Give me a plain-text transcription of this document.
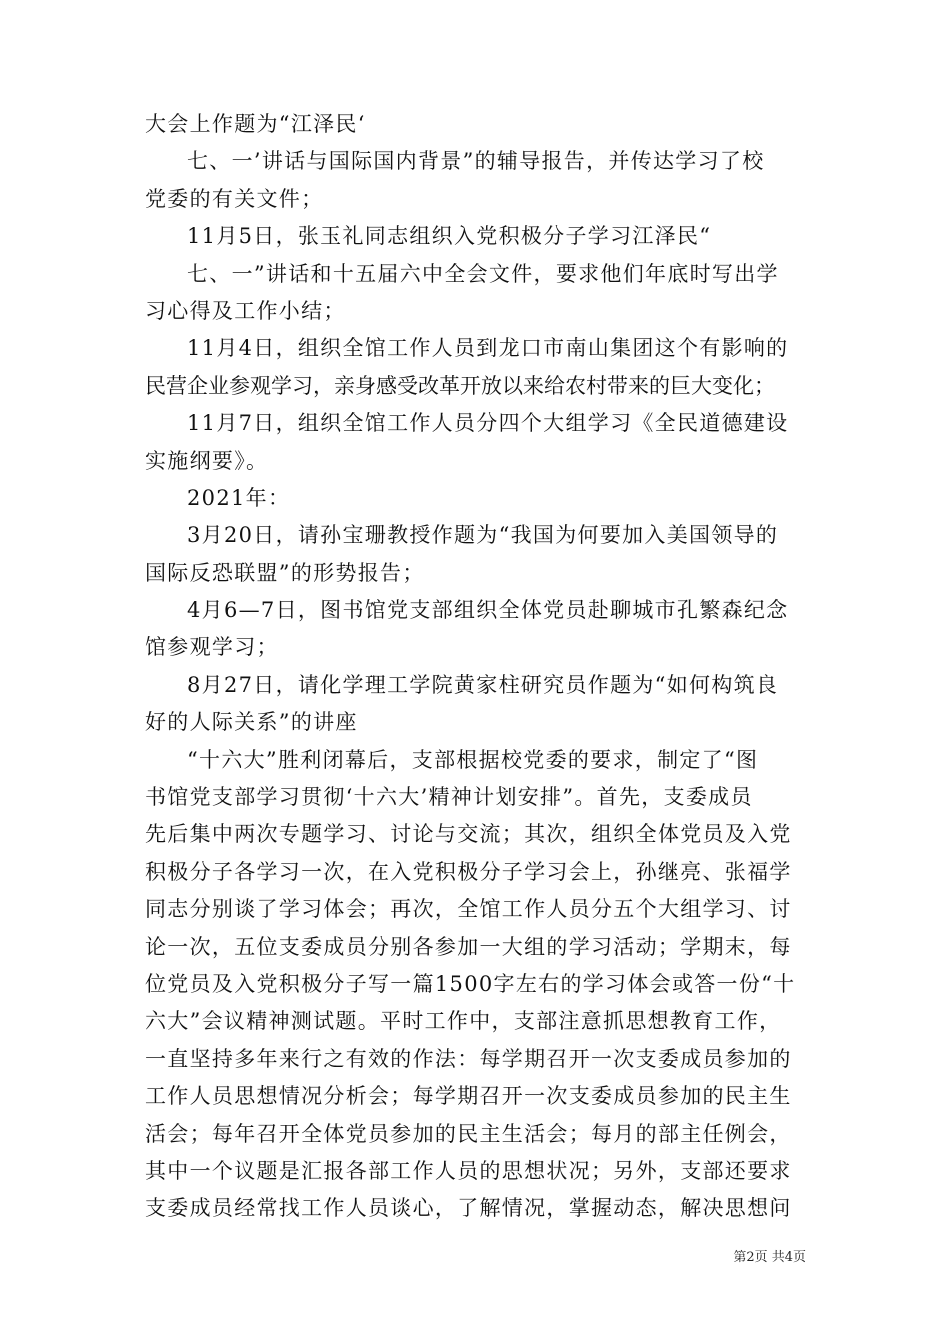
大会上作题为“江泽民‘
七、一’讲话与国际国内背景”的辅导报告，并传达学习了校
党委的有关文件；
11月5日，张玉礼同志组织入党积极分子学习江泽民“
七、一”讲话和十五届六中全会文件，要求他们年底时写出学
习心得及工作小结；
11月4日，组织全馆工作人员到龙口市南山集团这个有影响的
民营企业参观学习，亲身感受改革开放以来给农村带来的巨大变化；
11月7日，组织全馆工作人员分四个大组学习《全民道德建设
实施纲要》。
2021年：
3月20日，请孙宝珊教授作题为“我国为何要加入美国领导的
国际反恐联盟”的形势报告；
4月6—7日，图书馆党支部组织全体党员赴聊城市孔繁森纪念
馆参观学习；
8月27日，请化学理工学院黄家柱研究员作题为“如何构筑良
好的人际关系”的讲座
“十六大”胜利闭幕后，支部根据校党委的要求，制定了“图
书馆党支部学习贯彻‘十六大’精神计划安排”。首先，支委成员
先后集中两次专题学习、讨论与交流；其次，组织全体党员及入党
积极分子各学习一次，在入党积极分子学习会上，孙继亮、张福学
同志分别谈了学习体会；再次，全馆工作人员分五个大组学习、讨
论一次，五位支委成员分别各参加一大组的学习活动；学期末，每
位党员及入党积极分子写一篇1500字左右的学习体会或答一份“十
六大”会议精神测试题。平时工作中，支部注意抓思想教育工作，
一直坚持多年来行之有效的作法：每学期召开一次支委成员参加的
工作人员思想情况分析会；每学期召开一次支委成员参加的民主生
活会；每年召开全体党员参加的民主生活会；每月的部主任例会，
其中一个议题是汇报各部工作人员的思想状况；另外，支部还要求
支委成员经常找工作人员谈心，了解情况，掌握动态，解决思想问
第2页 共4页
